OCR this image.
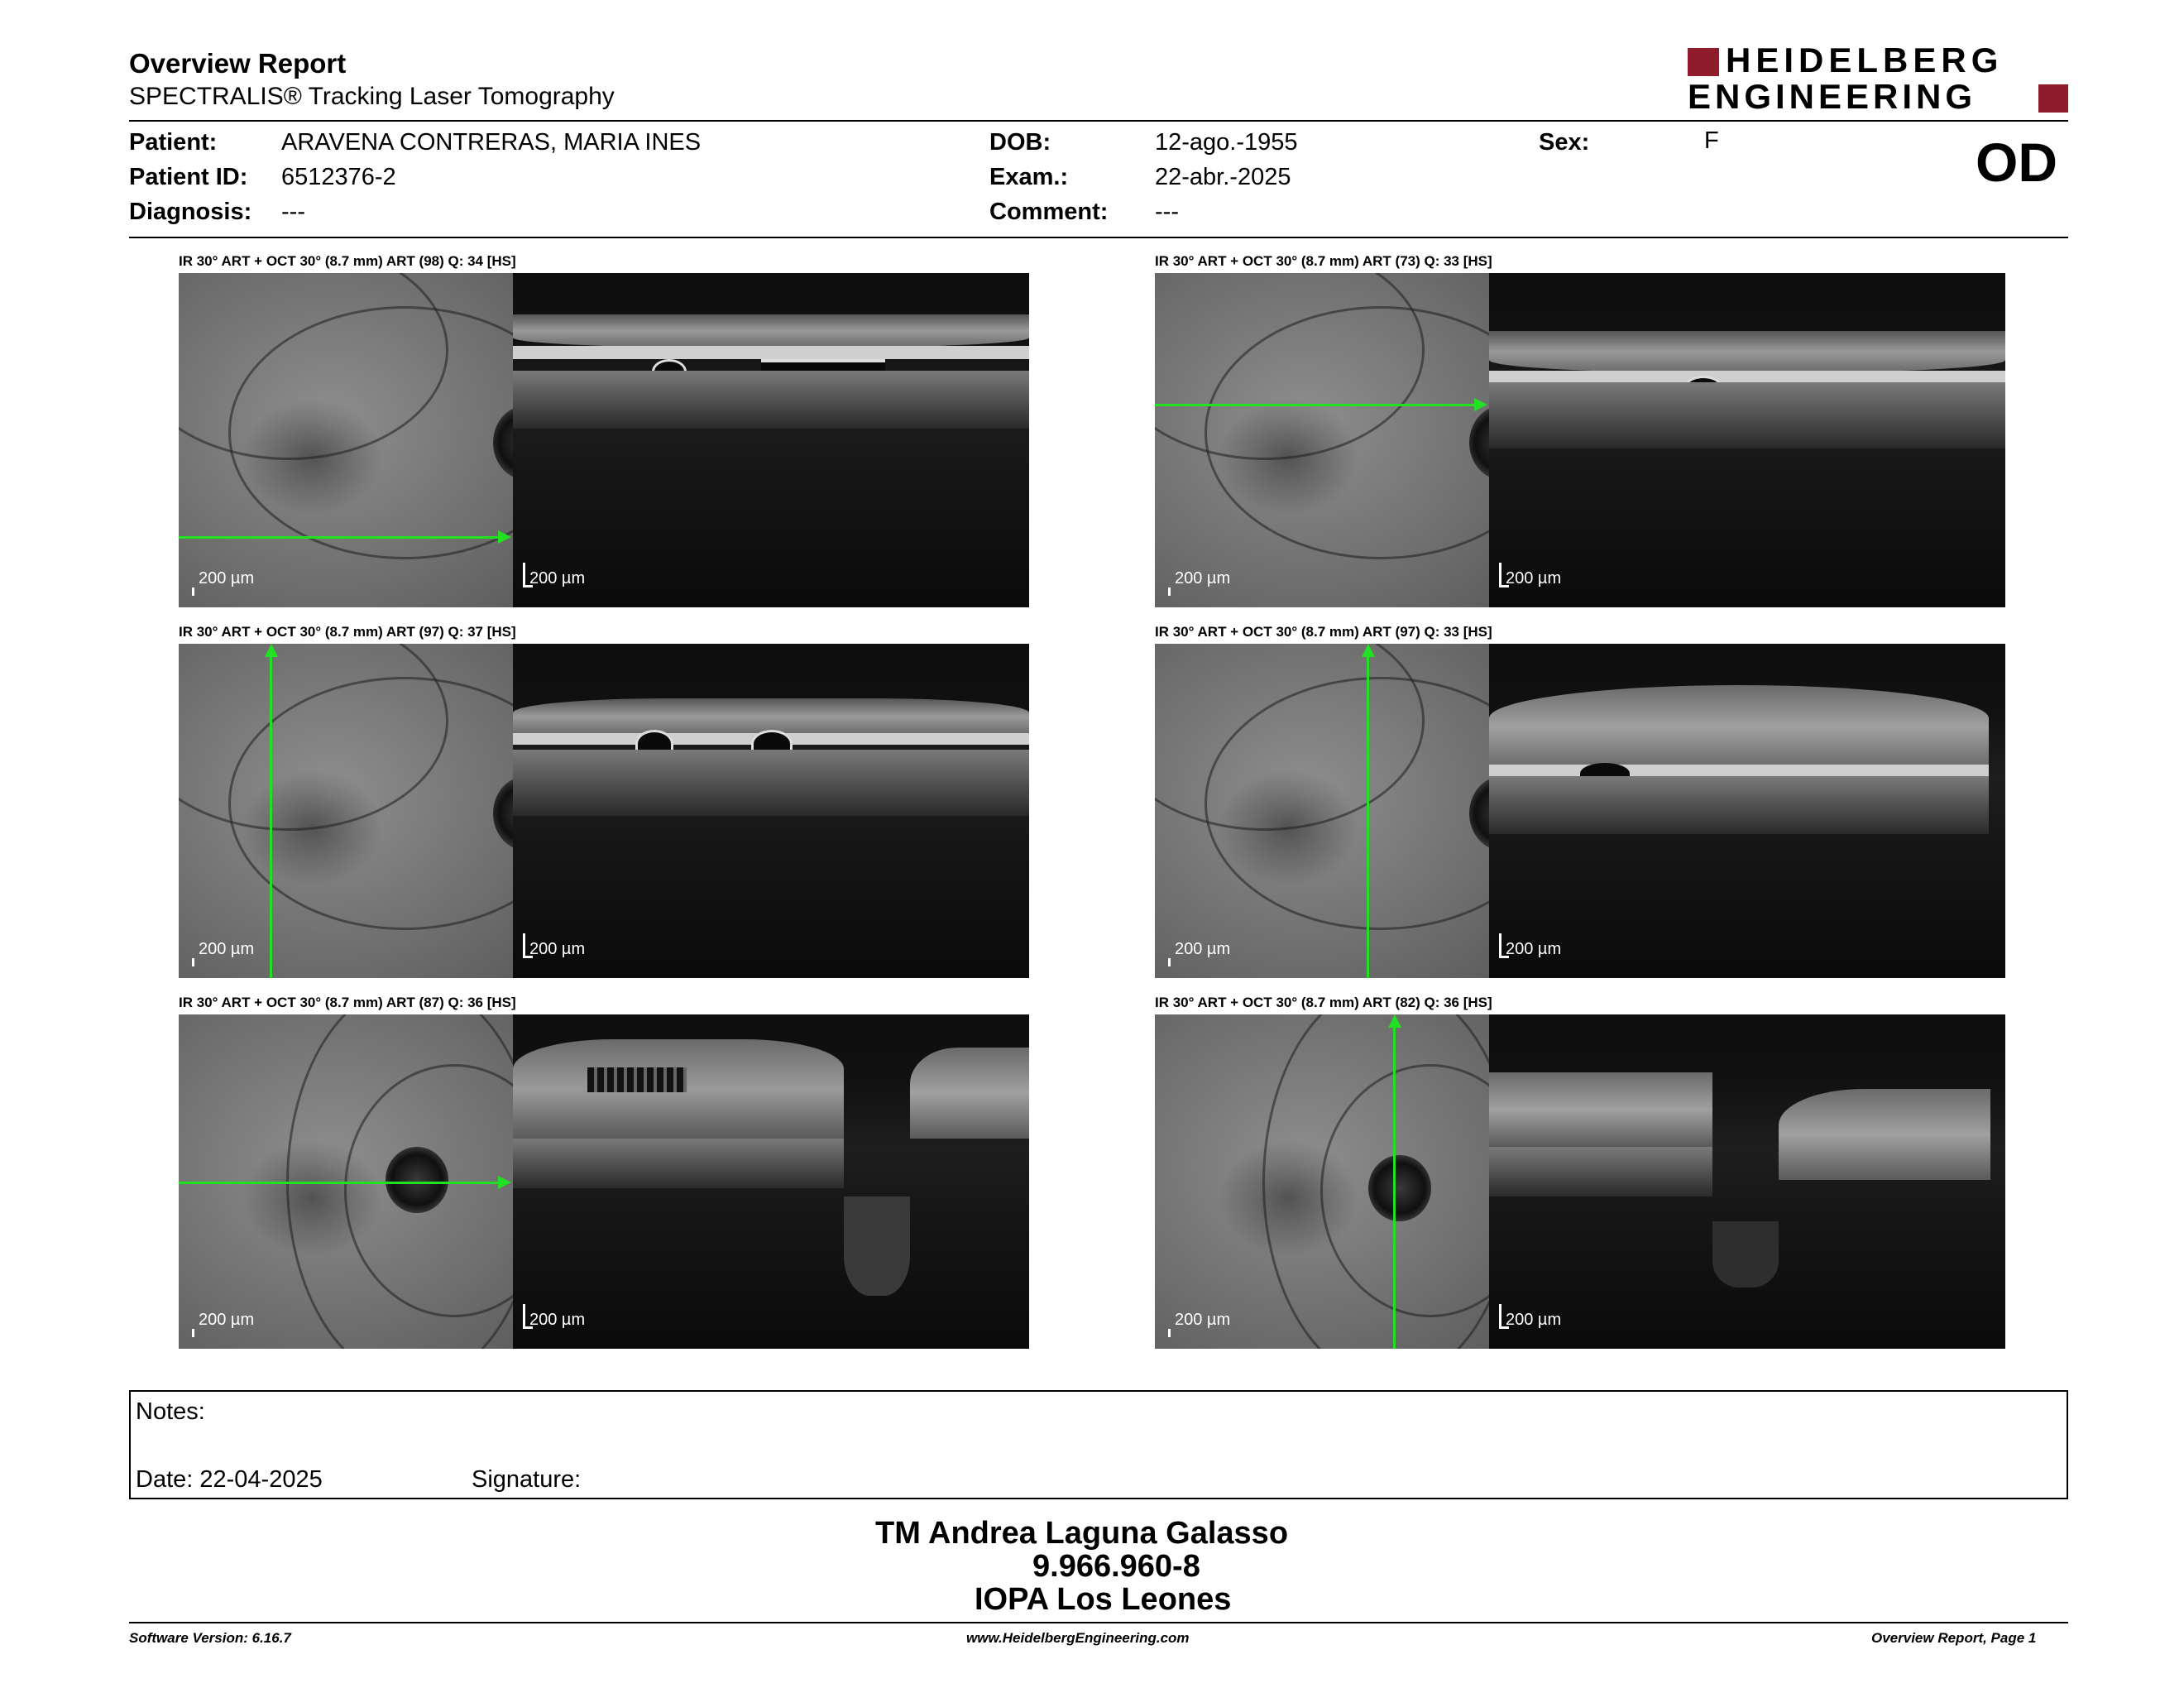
Overview Report
SPECTRALIS® Tracking Laser Tomography
HEIDELBERG
ENGINEERING
Patient:	ARAVENA CONTRERAS, MARIA INES
Patient ID: 6512376-2
Diagnosis: ---
DOB:	12-ago.-1955
Exam.:	22-abr.-2025
Comment: ---
Sex:	F	OD
IR 30° ART + OCT 30° (8.7 mm) ART (98) Q: 34 [HS]
200 µm	200 µm
IR 30° ART + OCT 30° (8.7 mm) ART (73) Q: 33 [HS]
200 µm	200 µm
IR 30° ART + OCT 30° (8.7 mm) ART (97) Q: 37 [HS]
200 µm	200 µm
IR 30° ART + OCT 30° (8.7 mm) ART (97) Q: 33 [HS]
200 µm	200 µm
IR 30° ART + OCT 30° (8.7 mm) ART (87) Q: 36 [HS]
200 µm	200 µm
IR 30° ART + OCT 30° (8.7 mm) ART (82) Q: 36 [HS]
200 µm	200 µm
Notes:
Date: 22-04-2025	Signature:
TM Andrea Laguna Galasso
9.966.960-8
IOPA Los Leones
Software Version: 6.16.7	www.HeidelbergEngineering.com	Overview Report, Page 1
